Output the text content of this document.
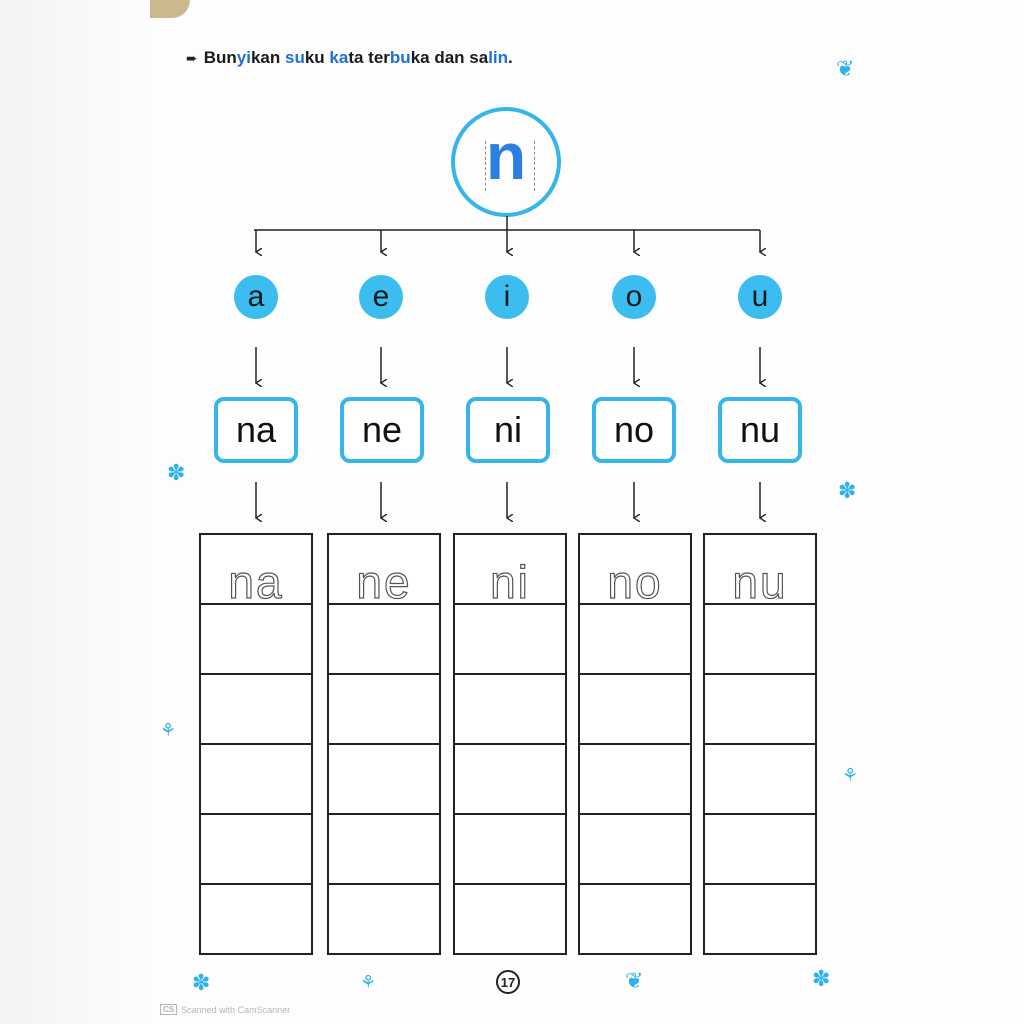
➨ Bunyikan suku kata terbuka dan salin.
n
a	e	i	o	u
na	ne	ni	no	nu
na ne ni no nu
❦
✽
✽
⚘
⚘
✽	⚘	❦	✽
17
CS Scanned with CamScanner
